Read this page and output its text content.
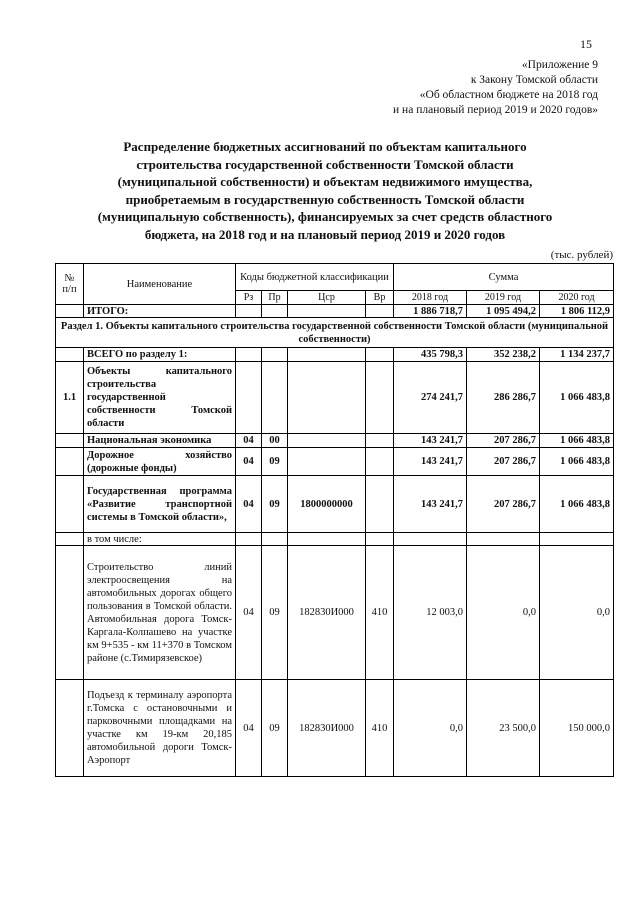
15
«Приложение 9
к Закону Томской области
«Об областном бюджете на 2018 год
и на плановый период 2019 и 2020 годов»
Распределение бюджетных ассигнований по объектам капитального
строительства государственной собственности Томской области
(муниципальной собственности) и объектам недвижимого имущества,
приобретаемым в государственную собственность Томской области
(муниципальную собственность), финансируемых за счет средств областного
бюджета, на 2018 год и на плановый период 2019 и 2020 годов
(тыс. рублей)
№ п/п	Наименование	Коды бюджетной классификации				Сумма		
		Рз	Пр	Цср	Вр	2018 год	2019 год	2020 год
	ИТОГО:					1 886 718,7	1 095 494,2	1 806 112,9
Раздел 1. Объекты капитального строительства государственной собственности Томской области (муниципальной собственности)								
	ВСЕГО по разделу 1:					435 798,3	352 238,2	1 134 237,7
1.1	Объекты капитального строительства государственной собственности Томской области					274 241,7	286 286,7	1 066 483,8
	Национальная экономика	04	00			143 241,7	207 286,7	1 066 483,8
	Дорожное хозяйство (дорожные фонды)	04	09			143 241,7	207 286,7	1 066 483,8
	Государственная программа «Развитие транспортной системы в Томской области»,	04	09	1800000000		143 241,7	207 286,7	1 066 483,8
	в том числе:							
	Строительство линий электроосвещения на автомобильных дорогах общего пользования в Томской области. Автомобильная дорога Томск-Каргала-Колпашево на участке км 9+535 - км 11+370 в Томском районе (с.Тимирязевское)	04	09	182830И000	410	12 003,0	0,0	0,0
	Подъезд к терминалу аэропорта г.Томска с остановочными и парковочными площадками на участке км 19-км 20,185 автомобильной дороги Томск-Аэропорт	04	09	182830И000	410	0,0	23 500,0	150 000,0
